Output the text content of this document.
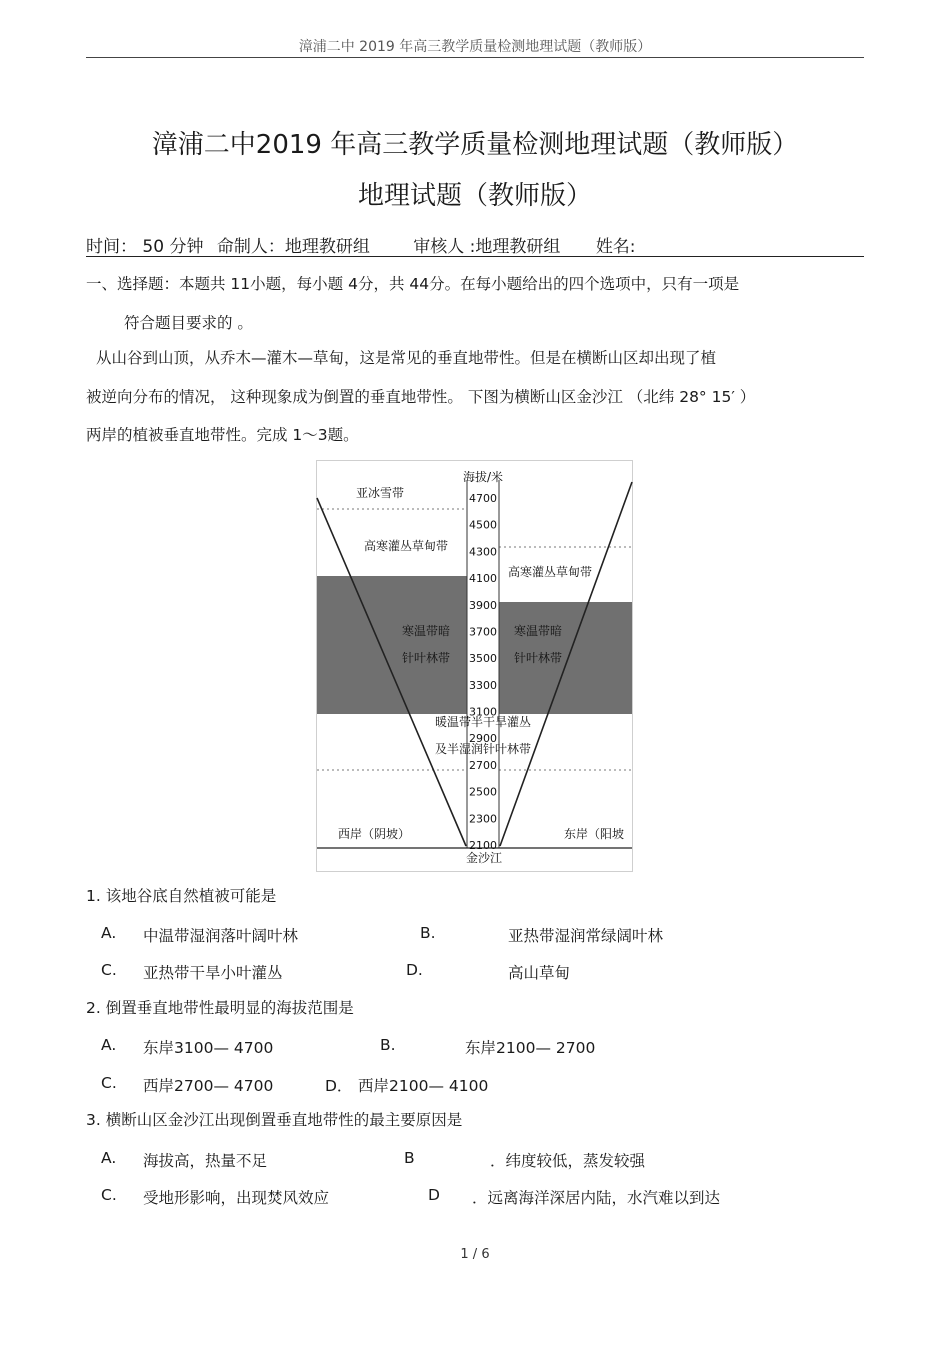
漳浦二中 2019 年高三教学质量检测地理试题（教师版）
漳浦二中2019 年高三教学质量检测地理试题（教师版）
地理试题（教师版）
时间： 50 分钟 命制人：地理教研组	审核人 :地理教研组 姓名:
一、选择题：本题共 11小题，每小题 4分，共 44分。在每小题给出的四个选项中，只有一项是
符合题目要求的 。
从山谷到山顶，从乔木—灌木—草甸，这是常见的垂直地带性。但是在横断山区却出现了植
被逆向分布的情况， 这种现象成为倒置的垂直地带性。 下图为横断山区金沙江 （北纬 28° 15′ ）
两岸的植被垂直地带性。完成 1～3题。
海拔/米
4700
4500
4300
4100
3900
3700
3500
3300
3100
2900
2700
2500
2300
2100
亚冰雪带
高寒灌丛草甸带
寒温带暗
针叶林带
高寒灌丛草甸带
寒温带暗
针叶林带
暖温带半干旱灌丛
及半湿润针叶林带
西岸（阴坡）	东岸（阳坡
金沙江
1. 该地谷底自然植被可能是
A. 中温带湿润落叶阔叶林	B.	亚热带湿润常绿阔叶林
C. 亚热带干旱小叶灌丛	D.	高山草甸
2. 倒置垂直地带性最明显的海拔范围是
A. 东岸3100— 4700	B.	东岸2100— 2700
C. 西岸2700— 4700	D． 西岸2100— 4100
3. 横断山区金沙江出现倒置垂直地带性的最主要原因是
A. 海拔高，热量不足	B	．纬度较低，蒸发较强
C. 受地形影响，出现焚风效应	D ．远离海洋深居内陆，水汽难以到达
1 / 6
